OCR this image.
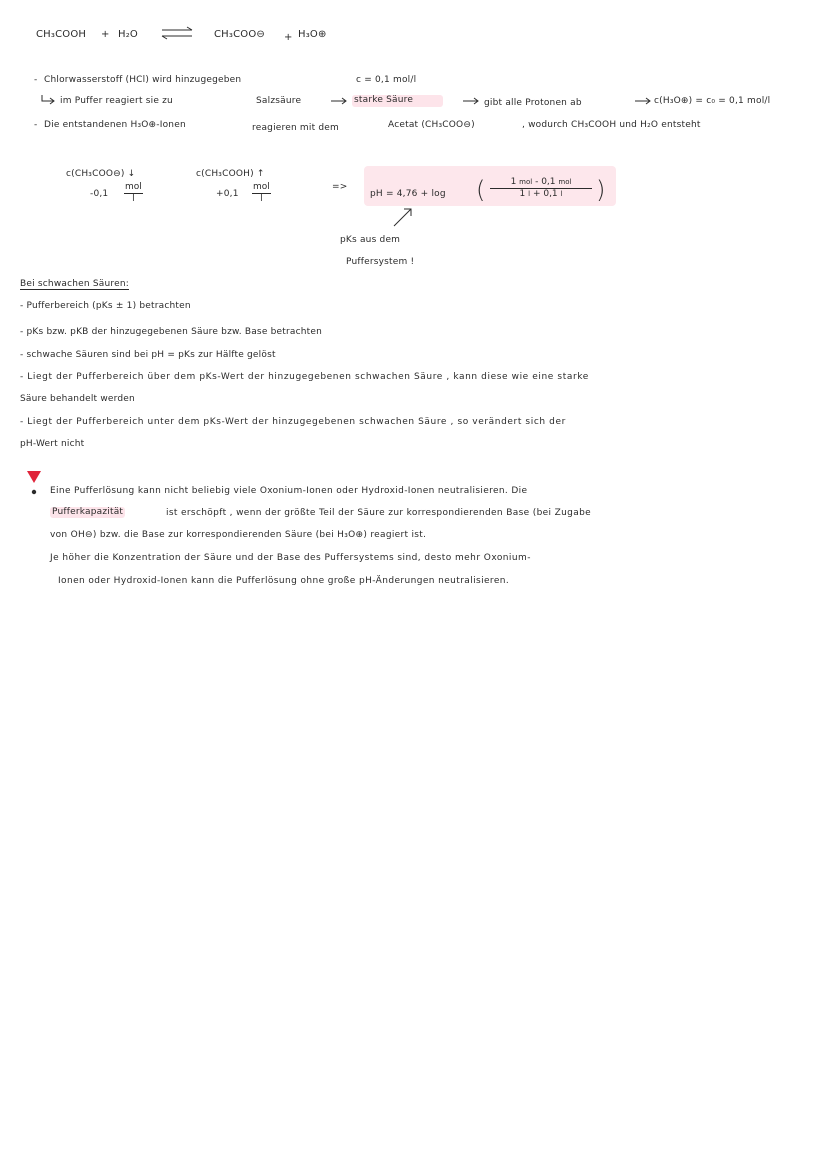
CH₃COOH + H₂O ⇌ CH₃COO⊖ + H₃O⊕
- Chlorwasserstoff (HCl) wird hinzugegeben	c = 0,1 mol/l
im Puffer reagiert sie zu	Salzsäure	starke Säure	gibt alle Protonen ab	c(H₃O⊕) = c₀ = 0,1 mol/l
- Die entstandenen H₃O⊕-Ionen	reagieren mit dem	Acetat (CH₃COO⊖)	, wodurch CH₃COOH und H₂O entsteht
c(CH₃COO⊖) ↓
-0,1
mol
l
c(CH₃COOH) ↑
+0,1
mol
l
=>
pH = 4,76 + log (	1 mol - 0,1 mol
1 l + 0,1 l	)
pKs aus dem
Puffersystem !
Bei schwachen Säuren:
- Pufferbereich (pKs ± 1) betrachten
- pKs bzw. pKB der hinzugegebenen Säure bzw. Base betrachten
- schwache Säuren sind bei pH = pKs zur Hälfte gelöst
- Liegt der Pufferbereich über dem pKs-Wert der hinzugegebenen schwachen Säure , kann diese wie eine starke
Säure behandelt werden
- Liegt der Pufferbereich unter dem pKs-Wert der hinzugegebenen schwachen Säure , so verändert sich der
pH-Wert nicht
Eine Pufferlösung kann nicht beliebig viele Oxonium-Ionen oder Hydroxid-Ionen neutralisieren. Die
Pufferkapazität	ist erschöpft , wenn der größte Teil der Säure zur korrespondierenden Base (bei Zugabe
von OH⊖) bzw. die Base zur korrespondierenden Säure (bei H₃O⊕) reagiert ist.
Je höher die Konzentration der Säure und der Base des Puffersystems sind, desto mehr Oxonium-
Ionen oder Hydroxid-Ionen kann die Pufferlösung ohne große pH-Änderungen neutralisieren.
